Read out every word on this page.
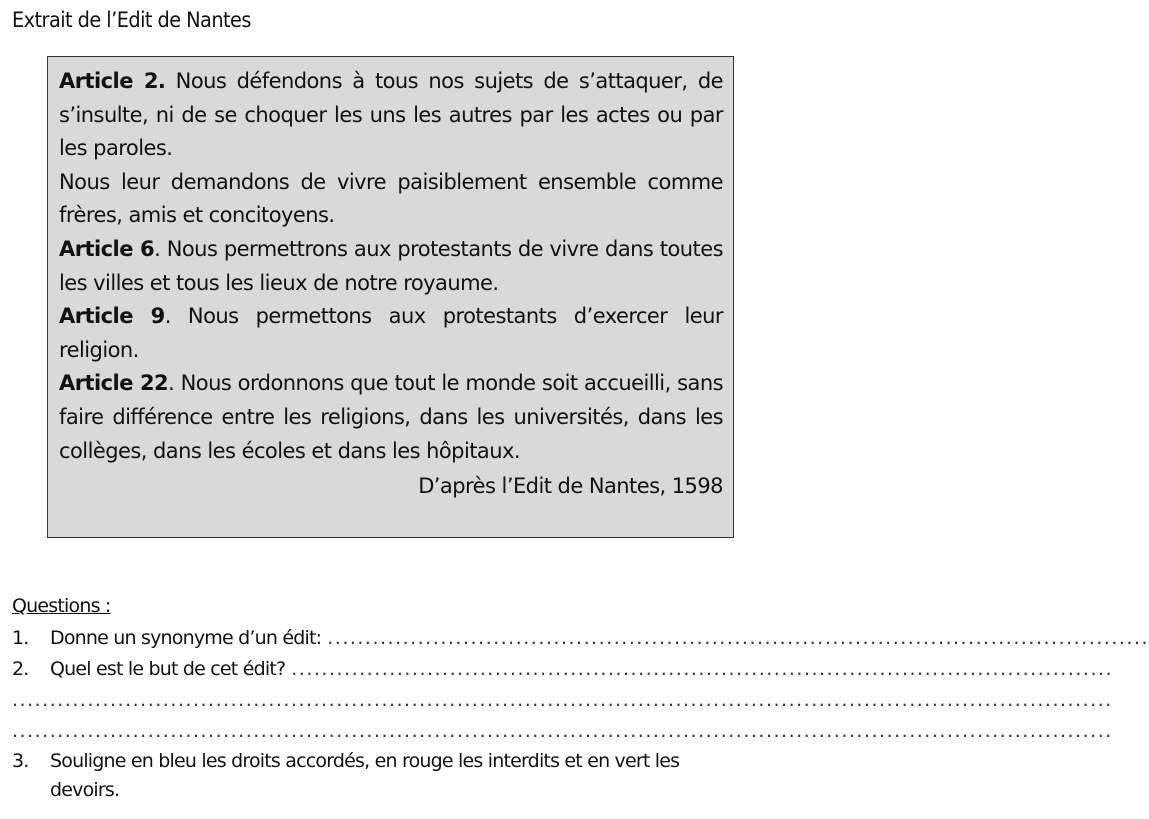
Extrait de l’Edit de Nantes

Article 2. Nous défendons à tous nos sujets de s’attaquer, de s’insulte, ni de se choquer les uns les autres par les actes ou par les paroles.

Nous leur demandons de vivre paisiblement ensemble comme frères, amis et concitoyens.

Article 6. Nous permettrons aux protestants de vivre dans toutes les villes et tous les lieux de notre royaume.

Article 9. Nous permettons aux protestants d’exercer leur religion.

Article 22. Nous ordonnons que tout le monde soit accueilli, sans faire différence entre les religions, dans les universités, dans les collèges, dans les écoles et dans les hôpitaux.

D’après l’Edit de Nantes, 1598

Questions :

1.	Donne un synonyme d’un édit: .............................................................................................................
2.	Quel est le but de cet édit? .............................................................................................................
..................................................................................................................................................
..................................................................................................................................................
3.	Souligne en bleu les droits accordés, en rouge les interdits et en vert les devoirs.
